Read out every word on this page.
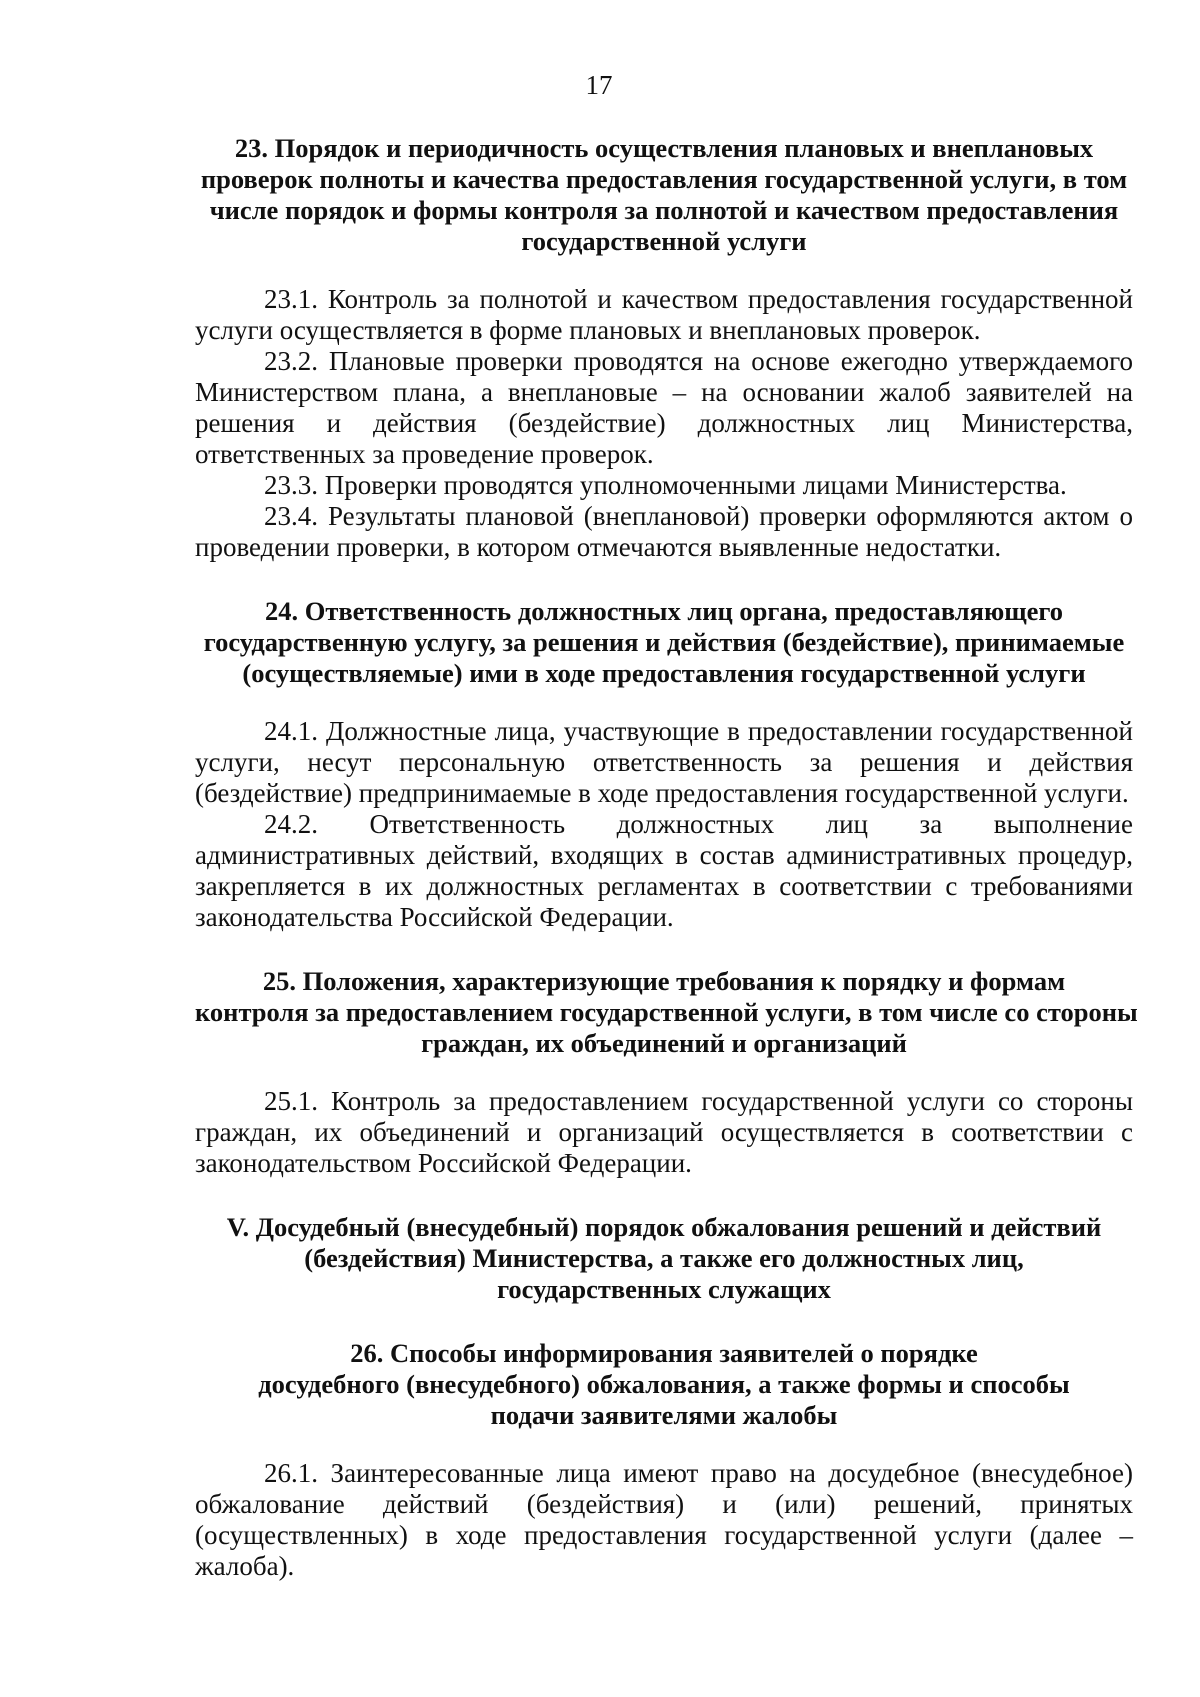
17
23. Порядок и периодичность осуществления плановых и внеплановых
проверок полноты и качества предоставления государственной услуги, в том
числе порядок и формы контроля за полнотой и качеством предоставления
государственной услуги

23.1. Контроль за полнотой и качеством предоставления государственной услуги осуществляется в форме плановых и внеплановых проверок.

23.2. Плановые проверки проводятся на основе ежегодно утверждаемого Министерством плана, а внеплановые – на основании жалоб заявителей на решения и действия (бездействие) должностных лиц Министерства, ответственных за проведение проверок.

23.3. Проверки проводятся уполномоченными лицами Министерства.

23.4. Результаты плановой (внеплановой) проверки оформляются актом о проведении проверки, в котором отмечаются выявленные недостатки.

24. Ответственность должностных лиц органа, предоставляющего
государственную услугу, за решения и действия (бездействие), принимаемые
(осуществляемые) ими в ходе предоставления государственной услуги

24.1. Должностные лица, участвующие в предоставлении государственной услуги, несут персональную ответственность за решения и действия (бездействие) предпринимаемые в ходе предоставления государственной услуги.

24.2. Ответственность должностных лиц за выполнение административных действий, входящих в состав административных процедур, закрепляется в их должностных регламентах в соответствии с требованиями законодательства Российской Федерации.

25. Положения, характеризующие требования к порядку и формам
контроля за предоставлением государственной услуги, в том числе со стороны
граждан, их объединений и организаций

25.1. Контроль за предоставлением государственной услуги со стороны граждан, их объединений и организаций осуществляется в соответствии с законодательством Российской Федерации.

V. Досудебный (внесудебный) порядок обжалования решений и действий
(бездействия) Министерства, а также его должностных лиц,
государственных служащих
26. Способы информирования заявителей о порядке
досудебного (внесудебного) обжалования, а также формы и способы
подачи заявителями жалобы

26.1. Заинтересованные лица имеют право на досудебное (внесудебное) обжалование действий (бездействия) и (или) решений, принятых (осуществленных) в ходе предоставления государственной услуги (далее – жалоба).
